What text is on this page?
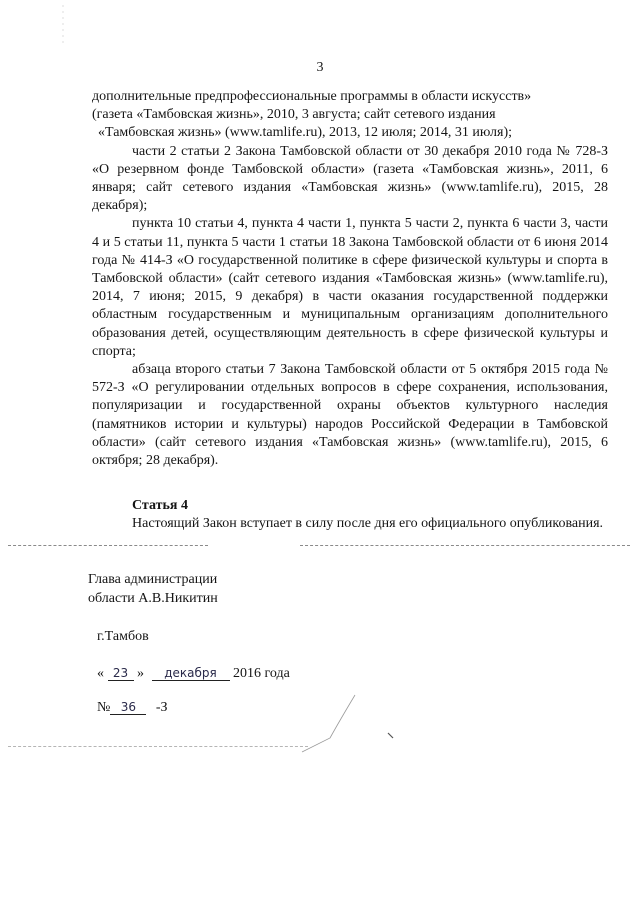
3

дополнительные предпрофессиональные программы в области искусств»

(газета «Тамбовская жизнь», 2010, 3 августа; сайт сетевого издания

«Тамбовская жизнь» (www.tamlife.ru), 2013, 12 июля; 2014, 31 июля);

части 2 статьи 2 Закона Тамбовской области от 30 декабря 2010 года № 728-З «О резервном фонде Тамбовской области» (газета «Тамбовская жизнь», 2011, 6 января; сайт сетевого издания «Тамбовская жизнь» (www.tamlife.ru), 2015, 28 декабря);

пункта 10 статьи 4, пункта 4 части 1, пункта 5 части 2, пункта 6 части 3, части 4 и 5 статьи 11, пункта 5 части 1 статьи 18 Закона Тамбовской области от 6 июня 2014 года № 414-З «О государственной политике в сфере физической культуры и спорта в Тамбовской области» (сайт сетевого издания «Тамбовская жизнь» (www.tamlife.ru), 2014, 7 июня; 2015, 9 декабря) в части оказания государственной поддержки областным государственным и муниципальным организациям дополнительного образования детей, осуществляющим деятельность в сфере физической культуры и спорта;

абзаца второго статьи 7 Закона Тамбовской области от 5 октября 2015 года № 572-З «О регулировании отдельных вопросов в сфере сохранения, использования, популяризации и государственной охраны объектов культурного наследия (памятников истории и культуры) народов Российской Федерации в Тамбовской области» (сайт сетевого издания «Тамбовская жизнь» (www.tamlife.ru), 2015, 6 октября; 28 декабря).

Статья 4

Настоящий Закон вступает в силу после дня его официального опубликования.

Глава администрации
области А.В.Никитин
г.Тамбов
« 23 » декабря 2016 года
№ 36 -З
